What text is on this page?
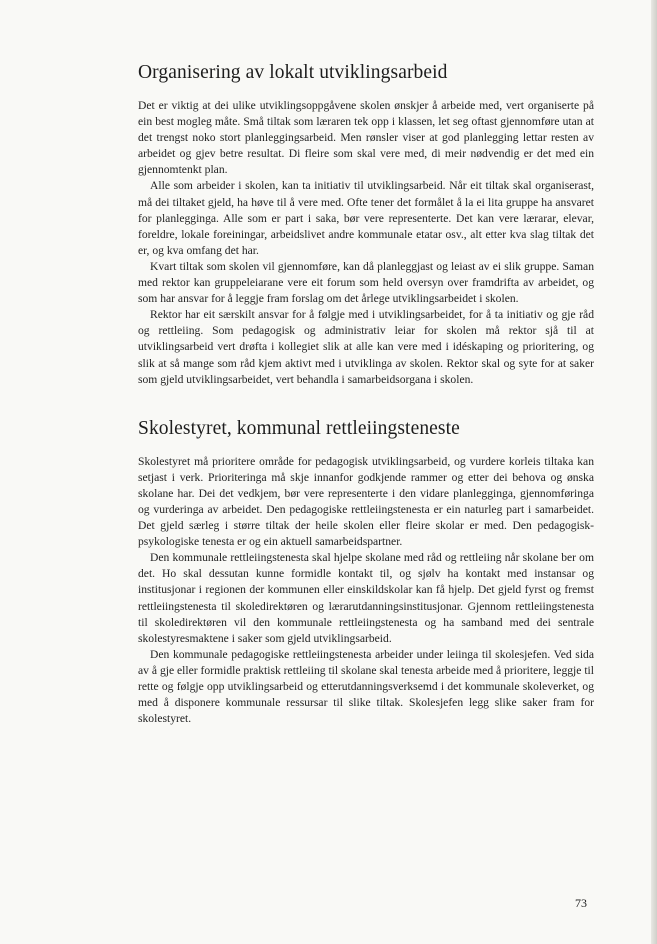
Organisering av lokalt utviklingsarbeid

Det er viktig at dei ulike utviklingsoppgåvene skolen ønskjer å arbeide med, vert organiserte på ein best mogleg måte. Små tiltak som læraren tek opp i klassen, let seg oftast gjennomføre utan at det trengst noko stort planleggingsarbeid. Men rønsler viser at god planlegging lettar resten av arbeidet og gjev betre resultat. Di fleire som skal vere med, di meir nødvendig er det med ein gjennomtenkt plan.

Alle som arbeider i skolen, kan ta initiativ til utviklingsarbeid. Når eit tiltak skal organiserast, må dei tiltaket gjeld, ha høve til å vere med. Ofte tener det formålet å la ei lita gruppe ha ansvaret for planlegginga. Alle som er part i saka, bør vere representerte. Det kan vere lærarar, elevar, foreldre, lokale foreiningar, arbeidslivet andre kommunale etatar osv., alt etter kva slag tiltak det er, og kva omfang det har.

Kvart tiltak som skolen vil gjennomføre, kan då planleggjast og leiast av ei slik gruppe. Saman med rektor kan gruppeleiarane vere eit forum som held oversyn over framdrifta av arbeidet, og som har ansvar for å leggje fram forslag om det årlege utviklingsarbeidet i skolen.

Rektor har eit særskilt ansvar for å følgje med i utviklingsarbeidet, for å ta initiativ og gje råd og rettleiing. Som pedagogisk og administrativ leiar for skolen må rektor sjå til at utviklingsarbeid vert drøfta i kollegiet slik at alle kan vere med i idéskaping og prioritering, og slik at så mange som råd kjem aktivt med i utviklinga av skolen. Rektor skal og syte for at saker som gjeld utviklingsarbeidet, vert behandla i samarbeidsorgana i skolen.

Skolestyret, kommunal rettleiingsteneste

Skolestyret må prioritere område for pedagogisk utviklingsarbeid, og vurdere korleis tiltaka kan setjast i verk. Prioriteringa må skje innanfor godkjende rammer og etter dei behova og ønska skolane har. Dei det vedkjem, bør vere representerte i den vidare planlegginga, gjennomføringa og vurderinga av arbeidet. Den pedagogiske rettleiingstenesta er ein naturleg part i samarbeidet. Det gjeld særleg i større tiltak der heile skolen eller fleire skolar er med. Den pedagogisk-psykologiske tenesta er og ein aktuell samarbeidspartner.

Den kommunale rettleiingstenesta skal hjelpe skolane med råd og rettleiing når skolane ber om det. Ho skal dessutan kunne formidle kontakt til, og sjølv ha kontakt med instansar og institusjonar i regionen der kommunen eller einskildskolar kan få hjelp. Det gjeld fyrst og fremst rettleiingstenesta til skoledirektøren og lærarutdanningsinstitusjonar. Gjennom rettleiingstenesta til skoledirektøren vil den kommunale rettleiingstenesta og ha samband med dei sentrale skolestyresmaktene i saker som gjeld utviklingsarbeid.

Den kommunale pedagogiske rettleiingstenesta arbeider under leiinga til skolesjefen. Ved sida av å gje eller formidle praktisk rettleiing til skolane skal tenesta arbeide med å prioritere, leggje til rette og følgje opp utviklingsarbeid og etterutdanningsverksemd i det kommunale skoleverket, og med å disponere kommunale ressursar til slike tiltak. Skolesjefen legg slike saker fram for skolestyret.

73
